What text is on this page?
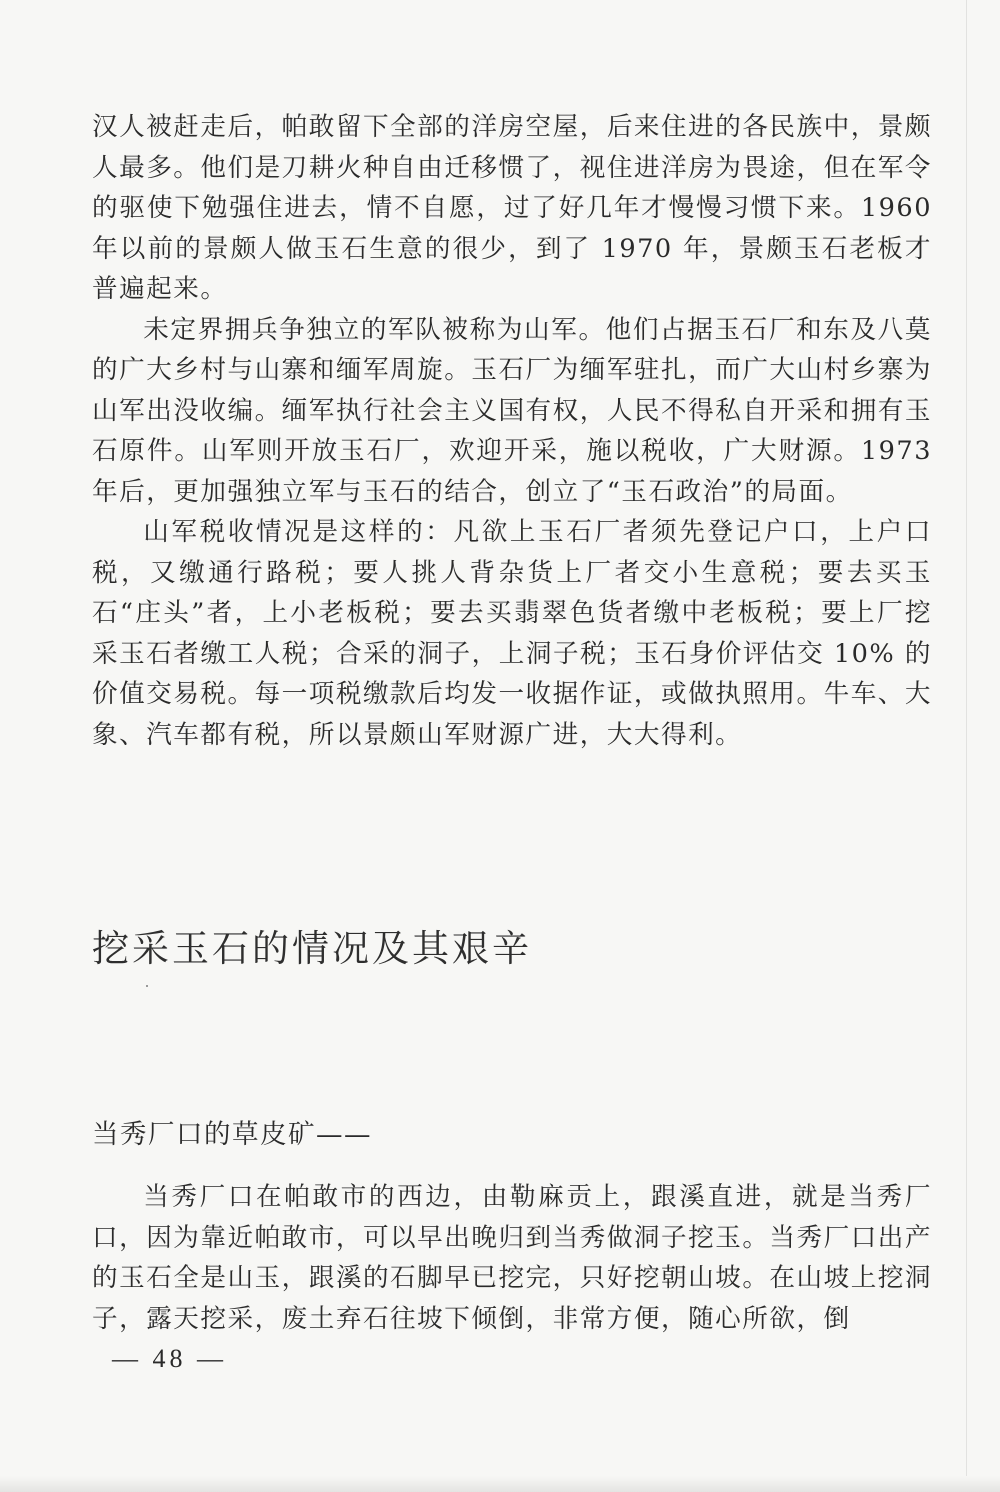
汉人被赶走后，帕敢留下全部的洋房空屋，后来住进的各民族中，景颇人最多。他们是刀耕火种自由迁移惯了，视住进洋房为畏途，但在军令的驱使下勉强住进去，情不自愿，过了好几年才慢慢习惯下来。1960 年以前的景颇人做玉石生意的很少，到了 1970 年，景颇玉石老板才普遍起来。

未定界拥兵争独立的军队被称为山军。他们占据玉石厂和东及八莫的广大乡村与山寨和缅军周旋。玉石厂为缅军驻扎，而广大山村乡寨为山军出没收编。缅军执行社会主义国有权，人民不得私自开采和拥有玉石原件。山军则开放玉石厂，欢迎开采，施以税收，广大财源。1973 年后，更加强独立军与玉石的结合，创立了“玉石政治”的局面。

山军税收情况是这样的：凡欲上玉石厂者须先登记户口，上户口税，又缴通行路税；要人挑人背杂货上厂者交小生意税；要去买玉石“庄头”者，上小老板税；要去买翡翠色货者缴中老板税；要上厂挖采玉石者缴工人税；合采的洞子，上洞子税；玉石身价评估交 10% 的价值交易税。每一项税缴款后均发一收据作证，或做执照用。牛车、大象、汽车都有税，所以景颇山军财源广进，大大得利。

挖采玉石的情况及其艰辛
当秀厂口的草皮矿——

当秀厂口在帕敢市的西边，由勒麻贡上，跟溪直进，就是当秀厂口，因为靠近帕敢市，可以早出晚归到当秀做洞子挖玉。当秀厂口出产的玉石全是山玉，跟溪的石脚早已挖完，只好挖朝山坡。在山坡上挖洞子，露天挖采，废土弃石往坡下倾倒，非常方便，随心所欲，倒

— 48 —
